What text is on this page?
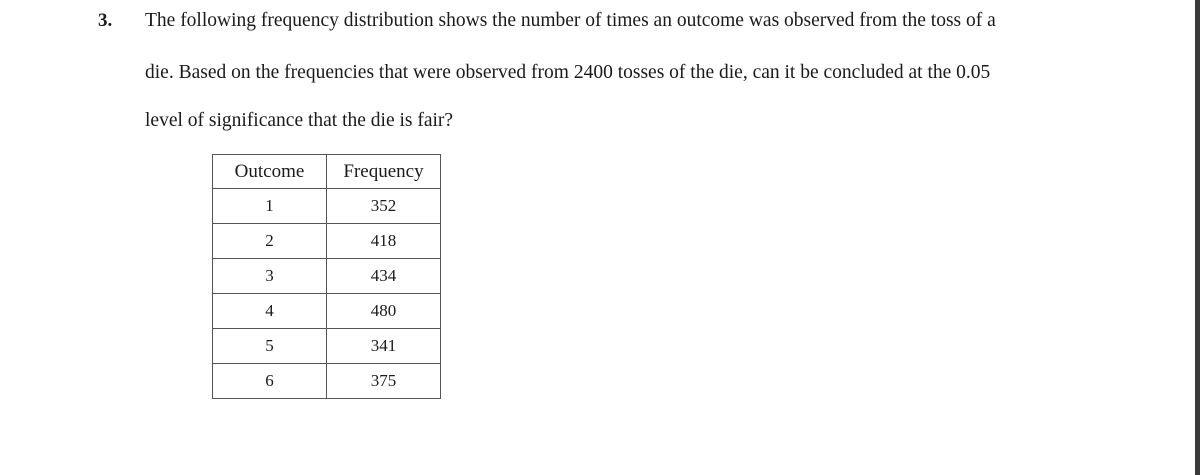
3. The following frequency distribution shows the number of times an outcome was observed from the toss of a
die. Based on the frequencies that were observed from 2400 tosses of the die, can it be concluded at the 0.05
level of significance that the die is fair?
Outcome	Frequency
1	352
2	418
3	434
4	480
5	341
6	375
